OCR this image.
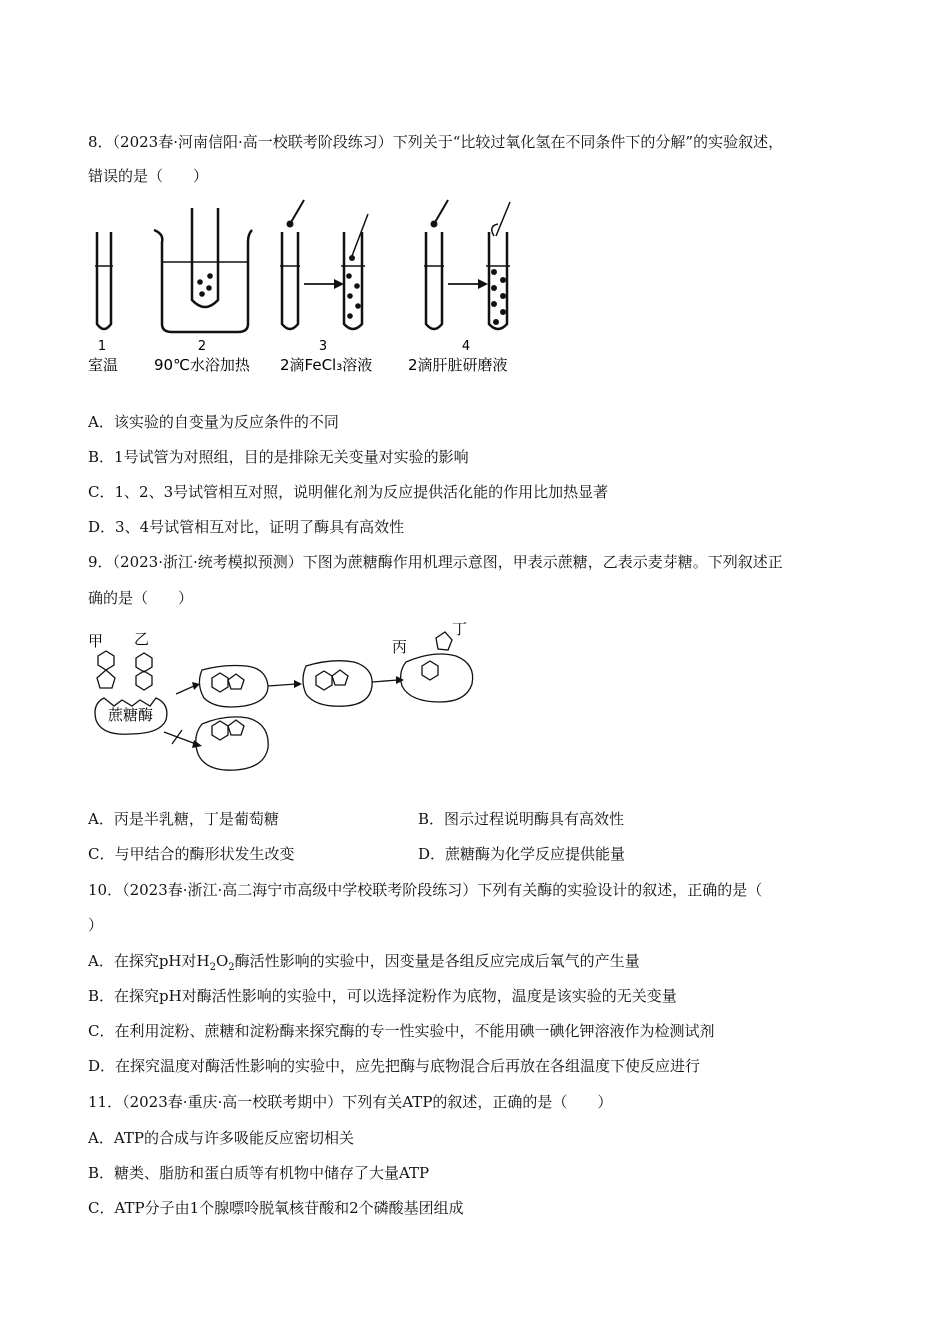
8．（2023春·河南信阳·高一校联考阶段练习）下列关于“比较过氧化氢在不同条件下的分解”的实验叙述，
错误的是（　　）
1	2	3	4
室温 90℃水浴加热 2滴FeCl₃溶液 2滴肝脏研磨液
A．该实验的自变量为反应条件的不同
B．1号试管为对照组，目的是排除无关变量对实验的影响
C．1、2、3号试管相互对照，说明催化剂为反应提供活化能的作用比加热显著
D．3、4号试管相互对比，证明了酶具有高效性
9．（2023·浙江·统考模拟预测）下图为蔗糖酶作用机理示意图，甲表示蔗糖，乙表示麦芽糖。下列叙述正
确的是（　　）
甲 乙
蔗糖酶
丙
丁
A．丙是半乳糖，丁是葡萄糖	B．图示过程说明酶具有高效性
C．与甲结合的酶形状发生改变	D．蔗糖酶为化学反应提供能量
10．（2023春·浙江·高二海宁市高级中学校联考阶段练习）下列有关酶的实验设计的叙述，正确的是（
）
A．在探究pH对$H_2O_2$酶活性影响的实验中，因变量是各组反应完成后氧气的产生量
B．在探究pH对酶活性影响的实验中，可以选择淀粉作为底物，温度是该实验的无关变量
C．在利用淀粉、蔗糖和淀粉酶来探究酶的专一性实验中，不能用碘一碘化钾溶液作为检测试剂
D．在探究温度对酶活性影响的实验中，应先把酶与底物混合后再放在各组温度下使反应进行
11．（2023春·重庆·高一校联考期中）下列有关ATP的叙述，正确的是（　　）
A．ATP的合成与许多吸能反应密切相关
B．糖类、脂肪和蛋白质等有机物中储存了大量ATP
C．ATP分子由1个腺嘌呤脱氧核苷酸和2个磷酸基团组成
